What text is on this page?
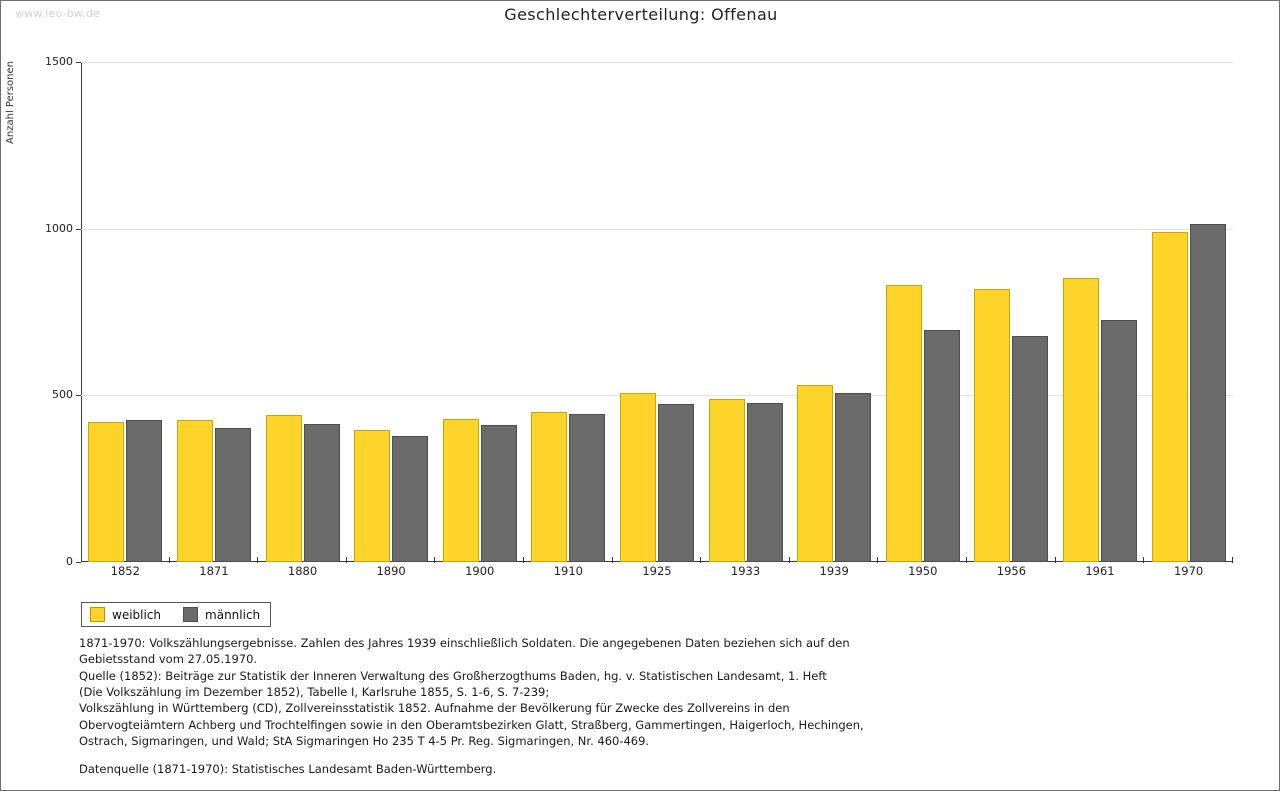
www.leo-bw.de	Geschlechterverteilung: Offenau
Anzahl Personen
0
500
1000
1500
1852	1871	1880	1890	1900	1910	1925	1933	1939	1950	1956	1961	1970
weiblich	männlich

1871-1970: Volkszählungsergebnisse. Zahlen des Jahres 1939 einschließlich Soldaten. Die angegebenen Daten beziehen sich auf den

Gebietsstand vom 27.05.1970.

Quelle (1852): Beiträge zur Statistik der Inneren Verwaltung des Großherzogthums Baden, hg. v. Statistischen Landesamt, 1. Heft

(Die Volkszählung im Dezember 1852), Tabelle I, Karlsruhe 1855, S. 1-6, S. 7-239;

Volkszählung in Württemberg (CD), Zollvereinsstatistik 1852. Aufnahme der Bevölkerung für Zwecke des Zollvereins in den

Obervogteiämtern Achberg und Trochtelfingen sowie in den Oberamtsbezirken Glatt, Straßberg, Gammertingen, Haigerloch, Hechingen,

Ostrach, Sigmaringen, und Wald; StA Sigmaringen Ho 235 T 4-5 Pr. Reg. Sigmaringen, Nr. 460-469.

Datenquelle (1871-1970): Statistisches Landesamt Baden-Württemberg.
